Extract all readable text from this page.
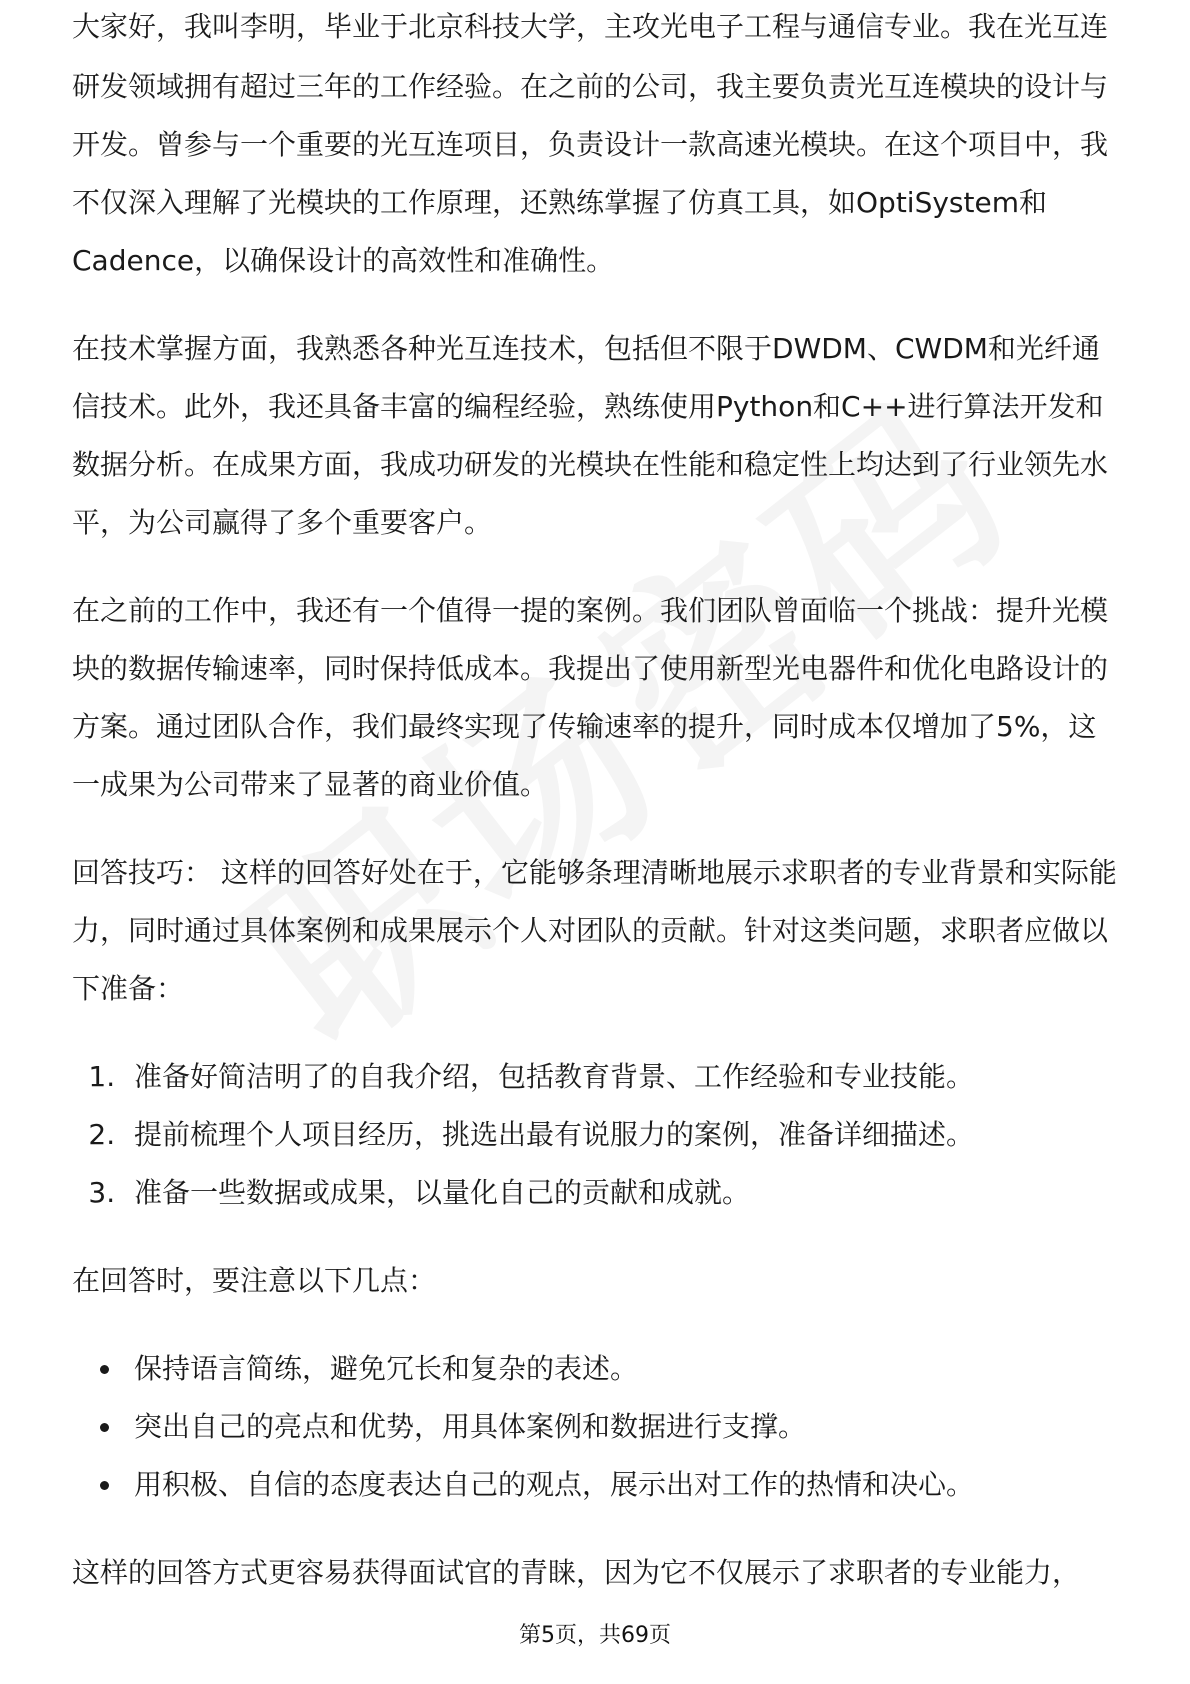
大家好，我叫李明，毕业于北京科技大学，主攻光电子工程与通信专业。我在光互连

研发领域拥有超过三年的工作经验。在之前的公司，我主要负责光互连模块的设计与开发。曾参与一个重要的光互连项目，负责设计一款高速光模块。在这个项目中，我不仅深入理解了光模块的工作原理，还熟练掌握了仿真工具，如OptiSystem和Cadence，以确保设计的高效性和准确性。

在技术掌握方面，我熟悉各种光互连技术，包括但不限于DWDM、CWDM和光纤通信技术。此外，我还具备丰富的编程经验，熟练使用Python和C++进行算法开发和数据分析。在成果方面，我成功研发的光模块在性能和稳定性上均达到了行业领先水平，为公司赢得了多个重要客户。

在之前的工作中，我还有一个值得一提的案例。我们团队曾面临一个挑战：提升光模块的数据传输速率，同时保持低成本。我提出了使用新型光电器件和优化电路设计的方案。通过团队合作，我们最终实现了传输速率的提升，同时成本仅增加了5%，这一成果为公司带来了显著的商业价值。

回答技巧： 这样的回答好处在于，它能够条理清晰地展示求职者的专业背景和实际能力，同时通过具体案例和成果展示个人对团队的贡献。针对这类问题，求职者应做以下准备：

1. 准备好简洁明了的自我介绍，包括教育背景、工作经验和专业技能。
2. 提前梳理个人项目经历，挑选出最有说服力的案例，准备详细描述。
3. 准备一些数据或成果，以量化自己的贡献和成就。

在回答时，要注意以下几点：

• 保持语言简练，避免冗长和复杂的表述。
• 突出自己的亮点和优势，用具体案例和数据进行支撑。
• 用积极、自信的态度表达自己的观点，展示出对工作的热情和决心。

这样的回答方式更容易获得面试官的青睐，因为它不仅展示了求职者的专业能力，

第5页，共69页
